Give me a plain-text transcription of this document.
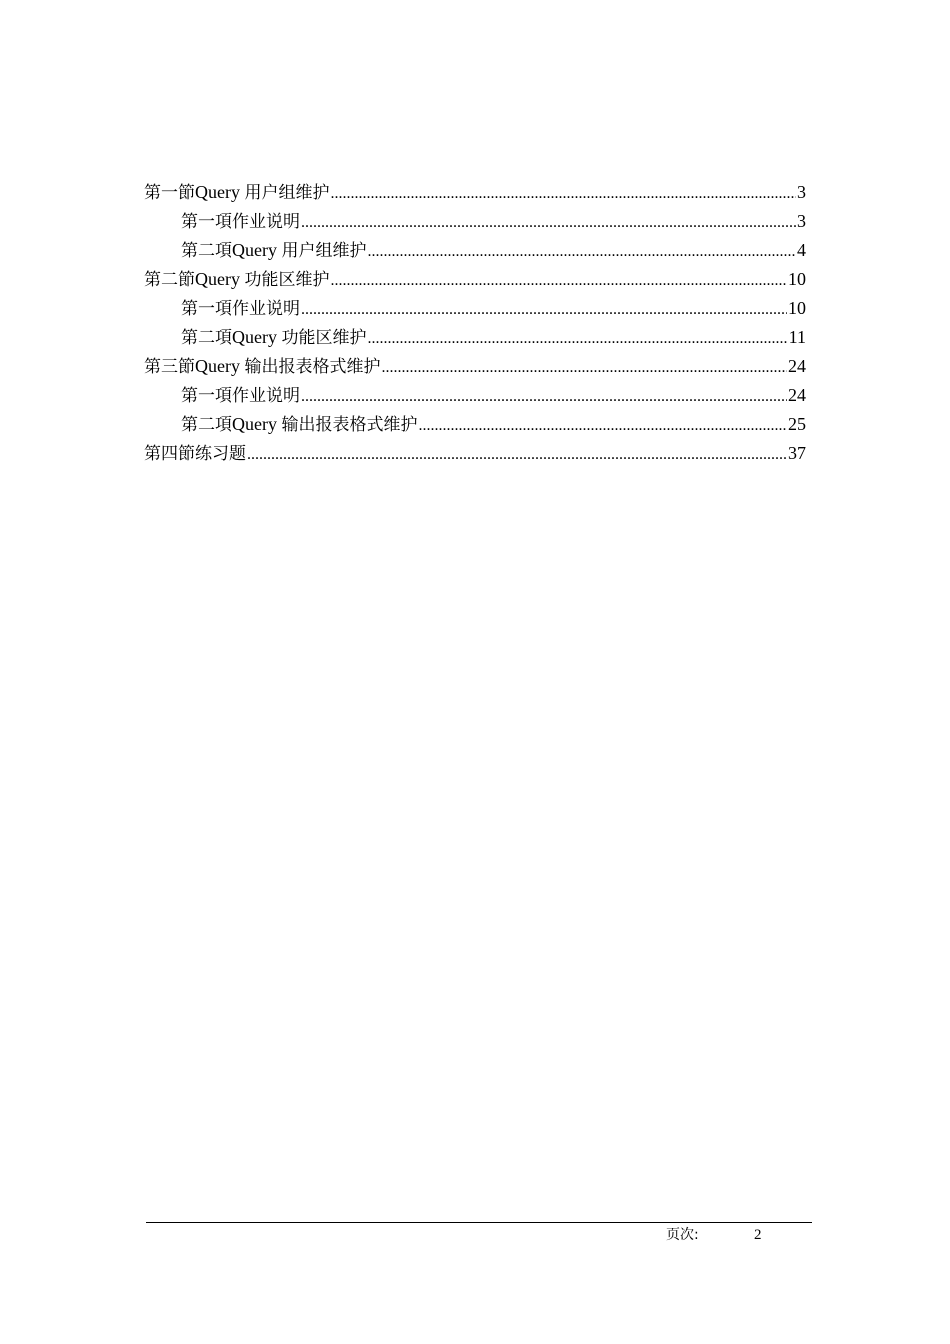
第一節 Query 用户组维护 .....	3
第一項 作业说明 .....	3
第二項 Query 用户组维护 .....	4
第二節 Query 功能区维护 .....	10
第一項 作业说明 .....	10
第二項 Query 功能区维护 .....	11
第三節 Query 输出报表格式维护 .....	24
第一項 作业说明 .....	24
第二項 Query 输出报表格式维护 .....	25
第四節 练习题 .....	37
页次:	2
